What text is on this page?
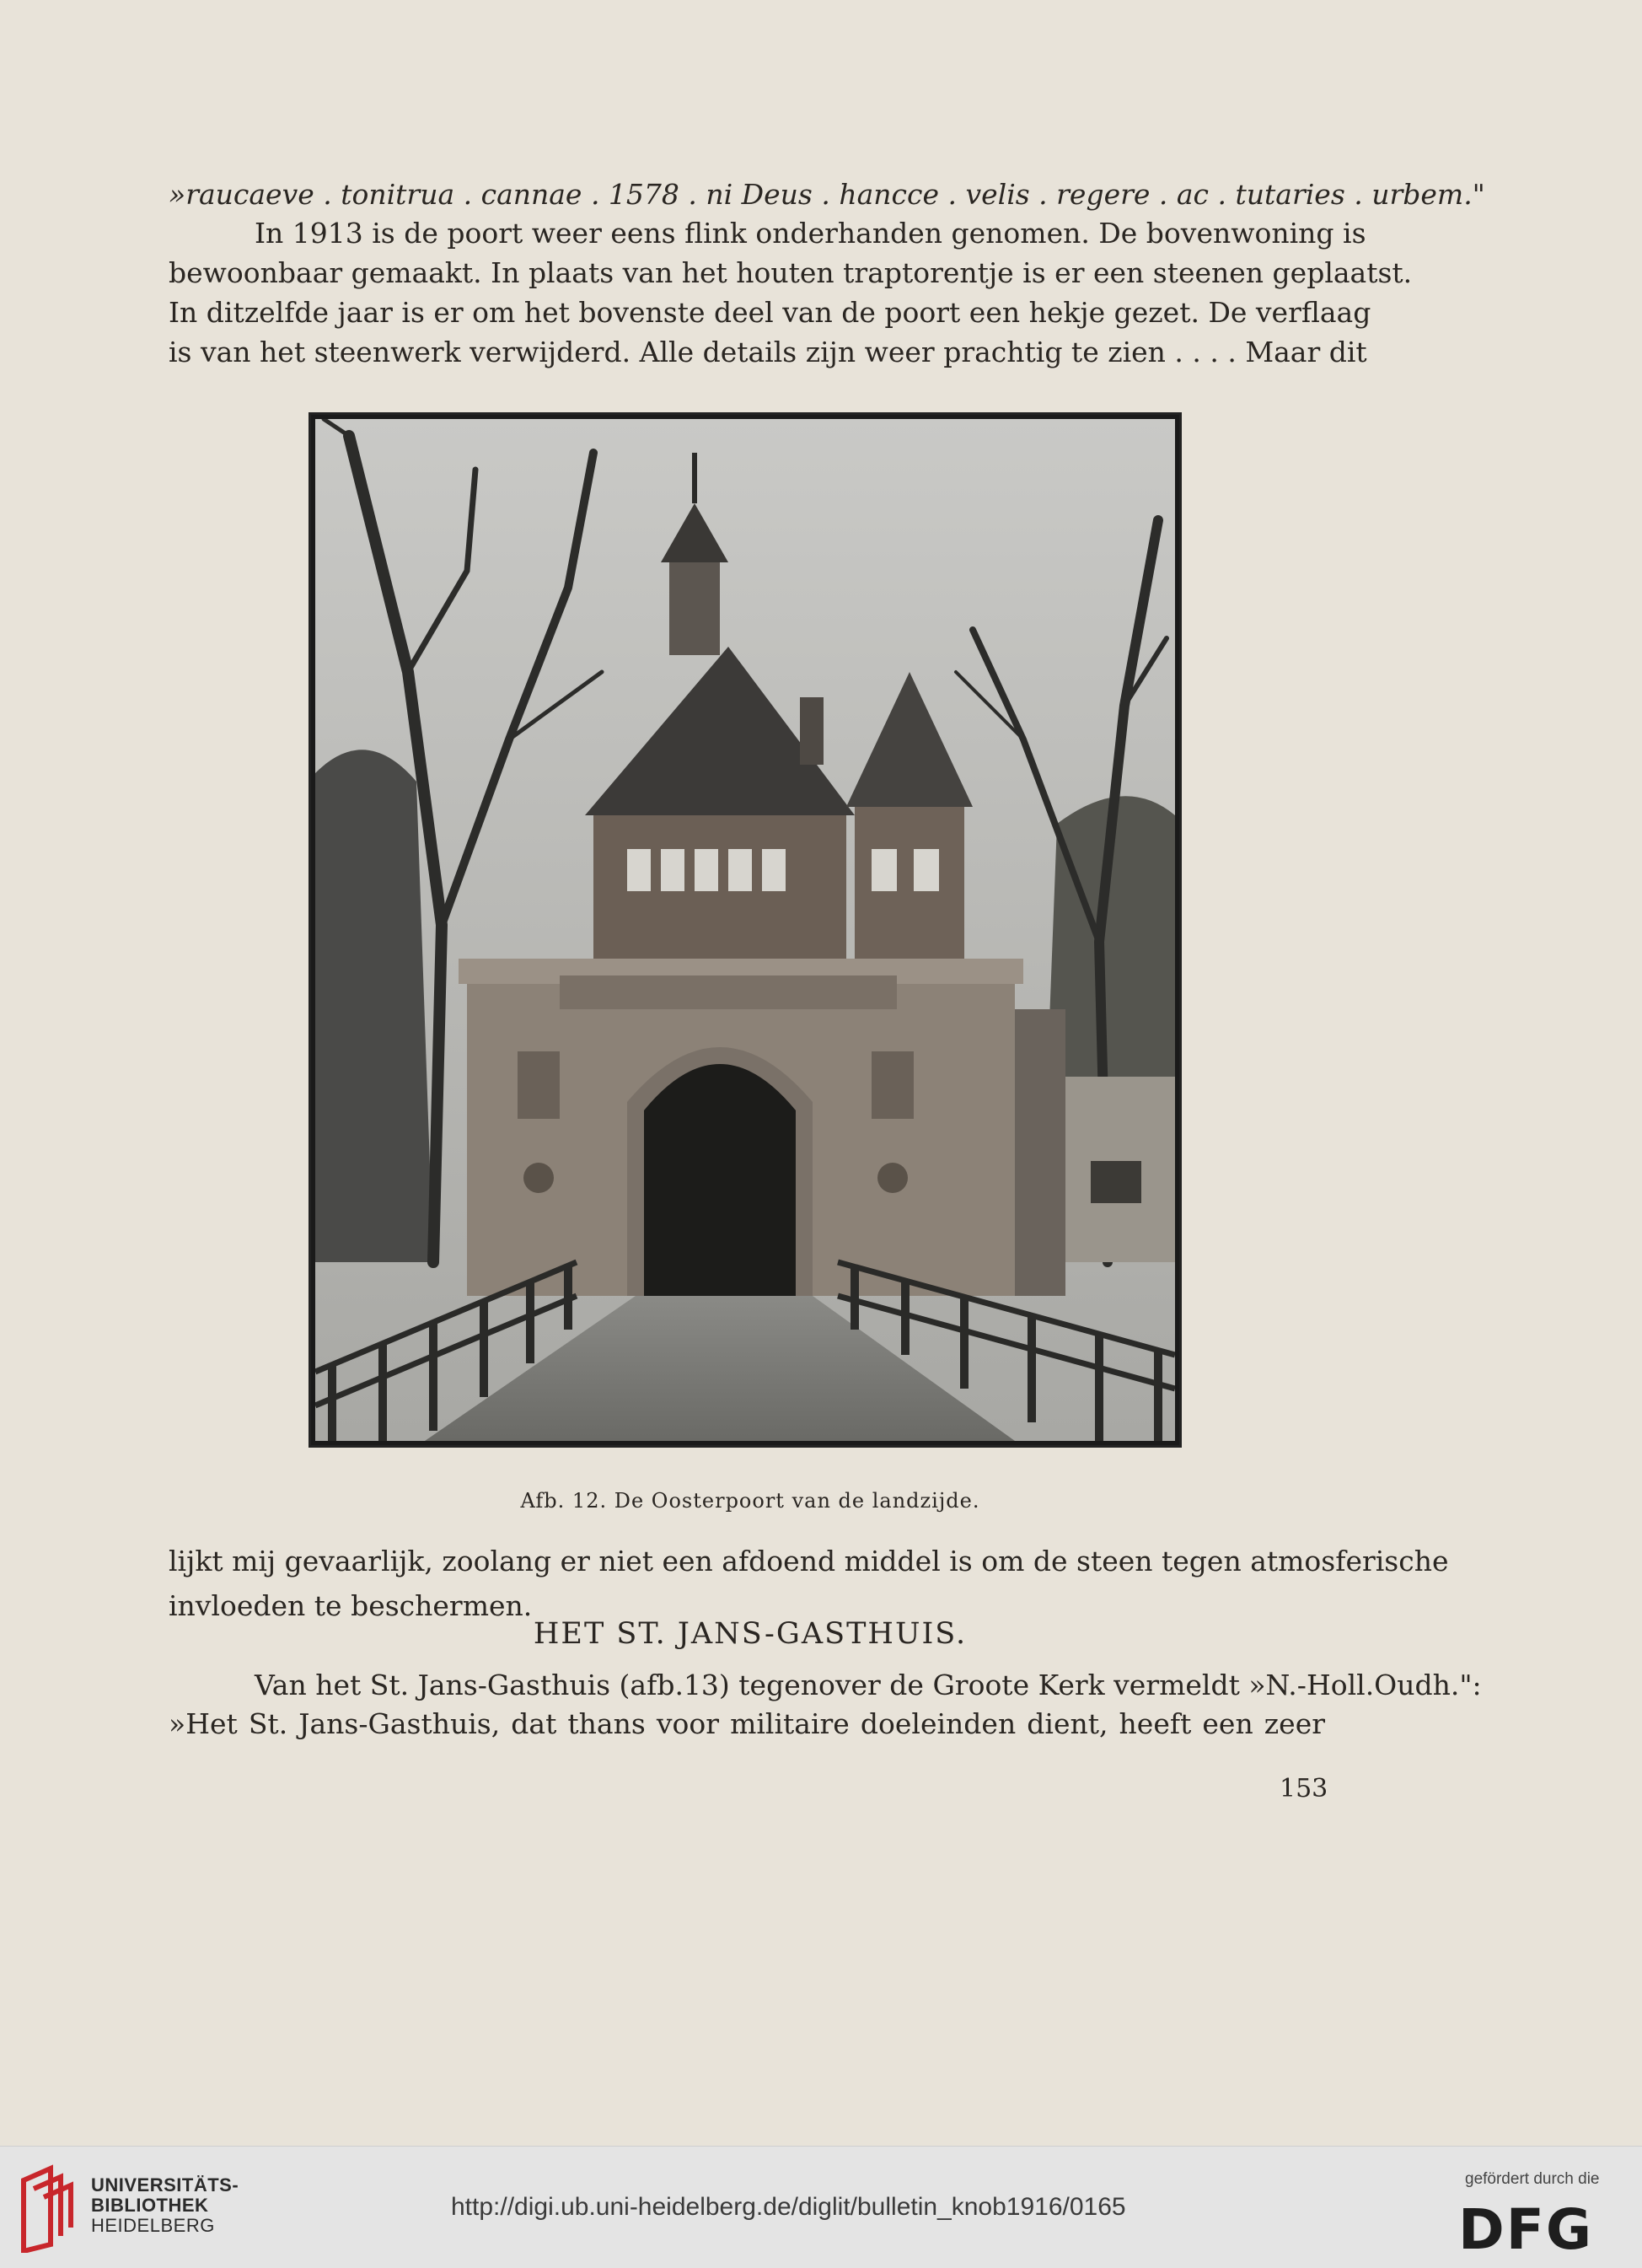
»raucaeve . tonitrua . cannae . 1578 . ni Deus . hancce . velis . regere . ac . tutaries . urbem."
In 1913 is de poort weer eens flink onderhanden genomen. De bovenwoning is
bewoonbaar gemaakt. In plaats van het houten traptorentje is er een steenen geplaatst.
In ditzelfde jaar is er om het bovenste deel van de poort een hekje gezet. De verflaag
is van het steenwerk verwijderd. Alle details zijn weer prachtig te zien . . . . Maar dit
Afb. 12. De Oosterpoort van de landzijde.
lijkt mij gevaarlijk, zoolang er niet een afdoend middel is om de steen tegen atmosferische
invloeden te beschermen.
HET ST. JANS-GASTHUIS.
Van het St. Jans-Gasthuis (afb.13) tegenover de Groote Kerk vermeldt »N.-Holl.Oudh.":
»Het St. Jans-Gasthuis, dat thans voor militaire doeleinden dient, heeft een zeer
153
UNIVERSITÄTS-
BIBLIOTHEK
HEIDELBERG
http://digi.ub.uni-heidelberg.de/diglit/bulletin_knob1916/0165
gefördert durch die
DFG
